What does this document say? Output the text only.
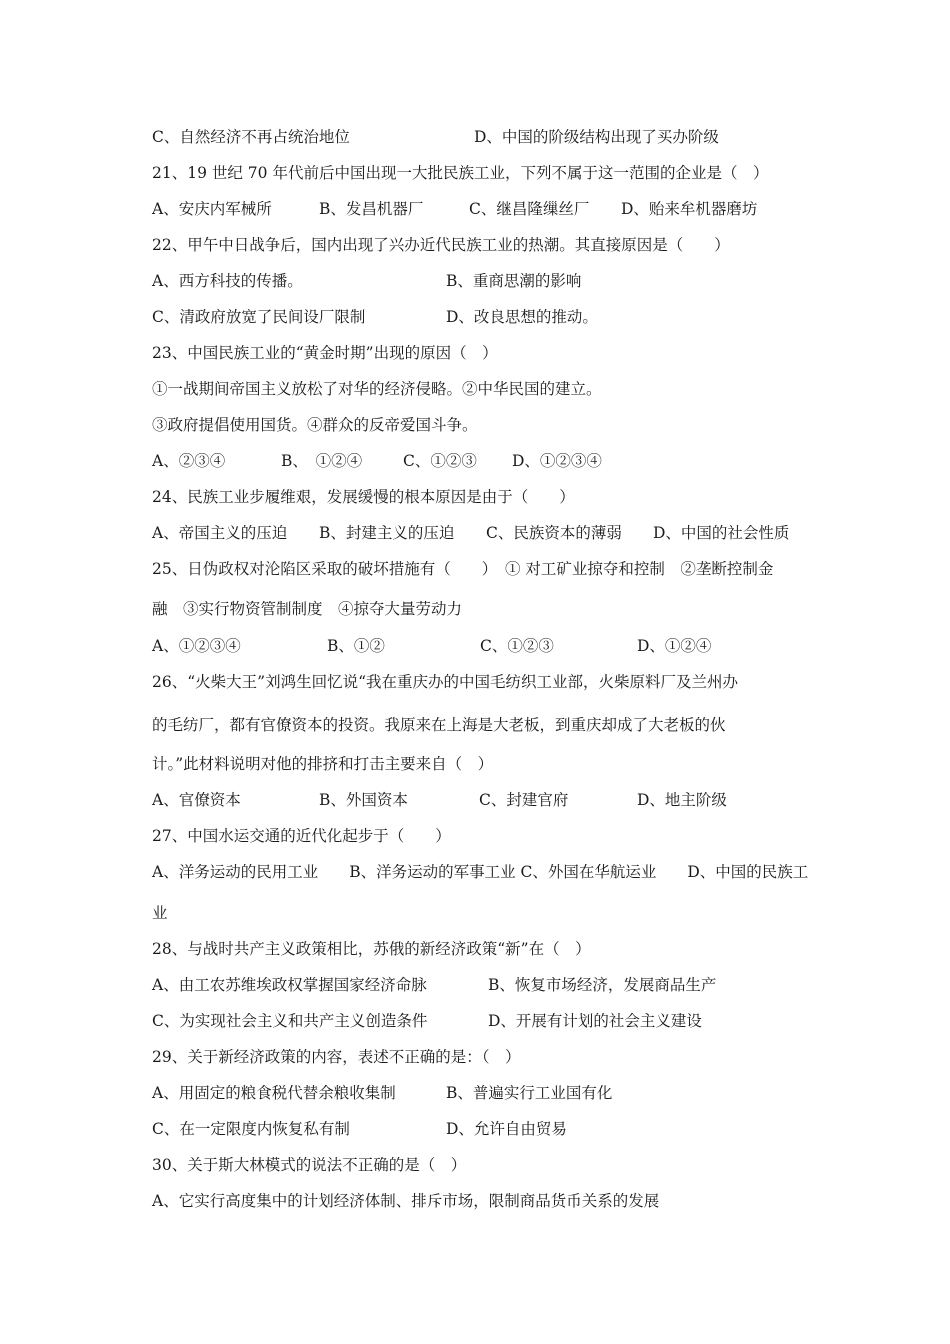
C、自然经济不再占统治地位	D、中国的阶级结构出现了买办阶级
21、19 世纪 70 年代前后中国出现一大批民族工业，下列不属于这一范围的企业是（　）
A、安庆内军械所	B、发昌机器厂	C、继昌隆缫丝厂 D、贻来牟机器磨坊
22、甲午中日战争后，国内出现了兴办近代民族工业的热潮。其直接原因是（　　）
A、西方科技的传播。	B、重商思潮的影响
C、清政府放宽了民间设厂限制	D、改良思想的推动。
23、中国民族工业的“黄金时期”出现的原因（　）
①一战期间帝国主义放松了对华的经济侵略。②中华民国的建立。
③政府提倡使用国货。④群众的反帝爱国斗争。
A、②③④	B、　①②④	C、①②③ D、①②③④
24、民族工业步履维艰，发展缓慢的根本原因是由于（　　）
A、帝国主义的压迫 B、封建主义的压迫 C、民族资本的薄弱 D、中国的社会性质
25、日伪政权对沦陷区采取的破坏措施有（　　）　① 对工矿业掠夺和控制　②垄断控制金
融　③实行物资管制制度　④掠夺大量劳动力
A、①②③④	B、①②	C、①②③	D、①②④
26、“火柴大王”刘鸿生回忆说“我在重庆办的中国毛纺织工业部，火柴原料厂及兰州办
的毛纺厂，都有官僚资本的投资。我原来在上海是大老板，到重庆却成了大老板的伙
计。”此材料说明对他的排挤和打击主要来自（　）
A、官僚资本	B、外国资本	C、封建官府	D、地主阶级
27、中国水运交通的近代化起步于（　　）
A、洋务运动的民用工业　　B、洋务运动的军事工业 C、外国在华航运业　　D、中国的民族工
业
28、与战时共产主义政策相比，苏俄的新经济政策“新”在（　）
A、由工农苏维埃政权掌握国家经济命脉	B、恢复市场经济，发展商品生产
C、为实现社会主义和共产主义创造条件	D、开展有计划的社会主义建设
29、关于新经济政策的内容，表述不正确的是：（　）
A、用固定的粮食税代替余粮收集制	B、普遍实行工业国有化
C、在一定限度内恢复私有制	D、允许自由贸易
30、关于斯大林模式的说法不正确的是（　）
A、它实行高度集中的计划经济体制、排斥市场，限制商品货币关系的发展
